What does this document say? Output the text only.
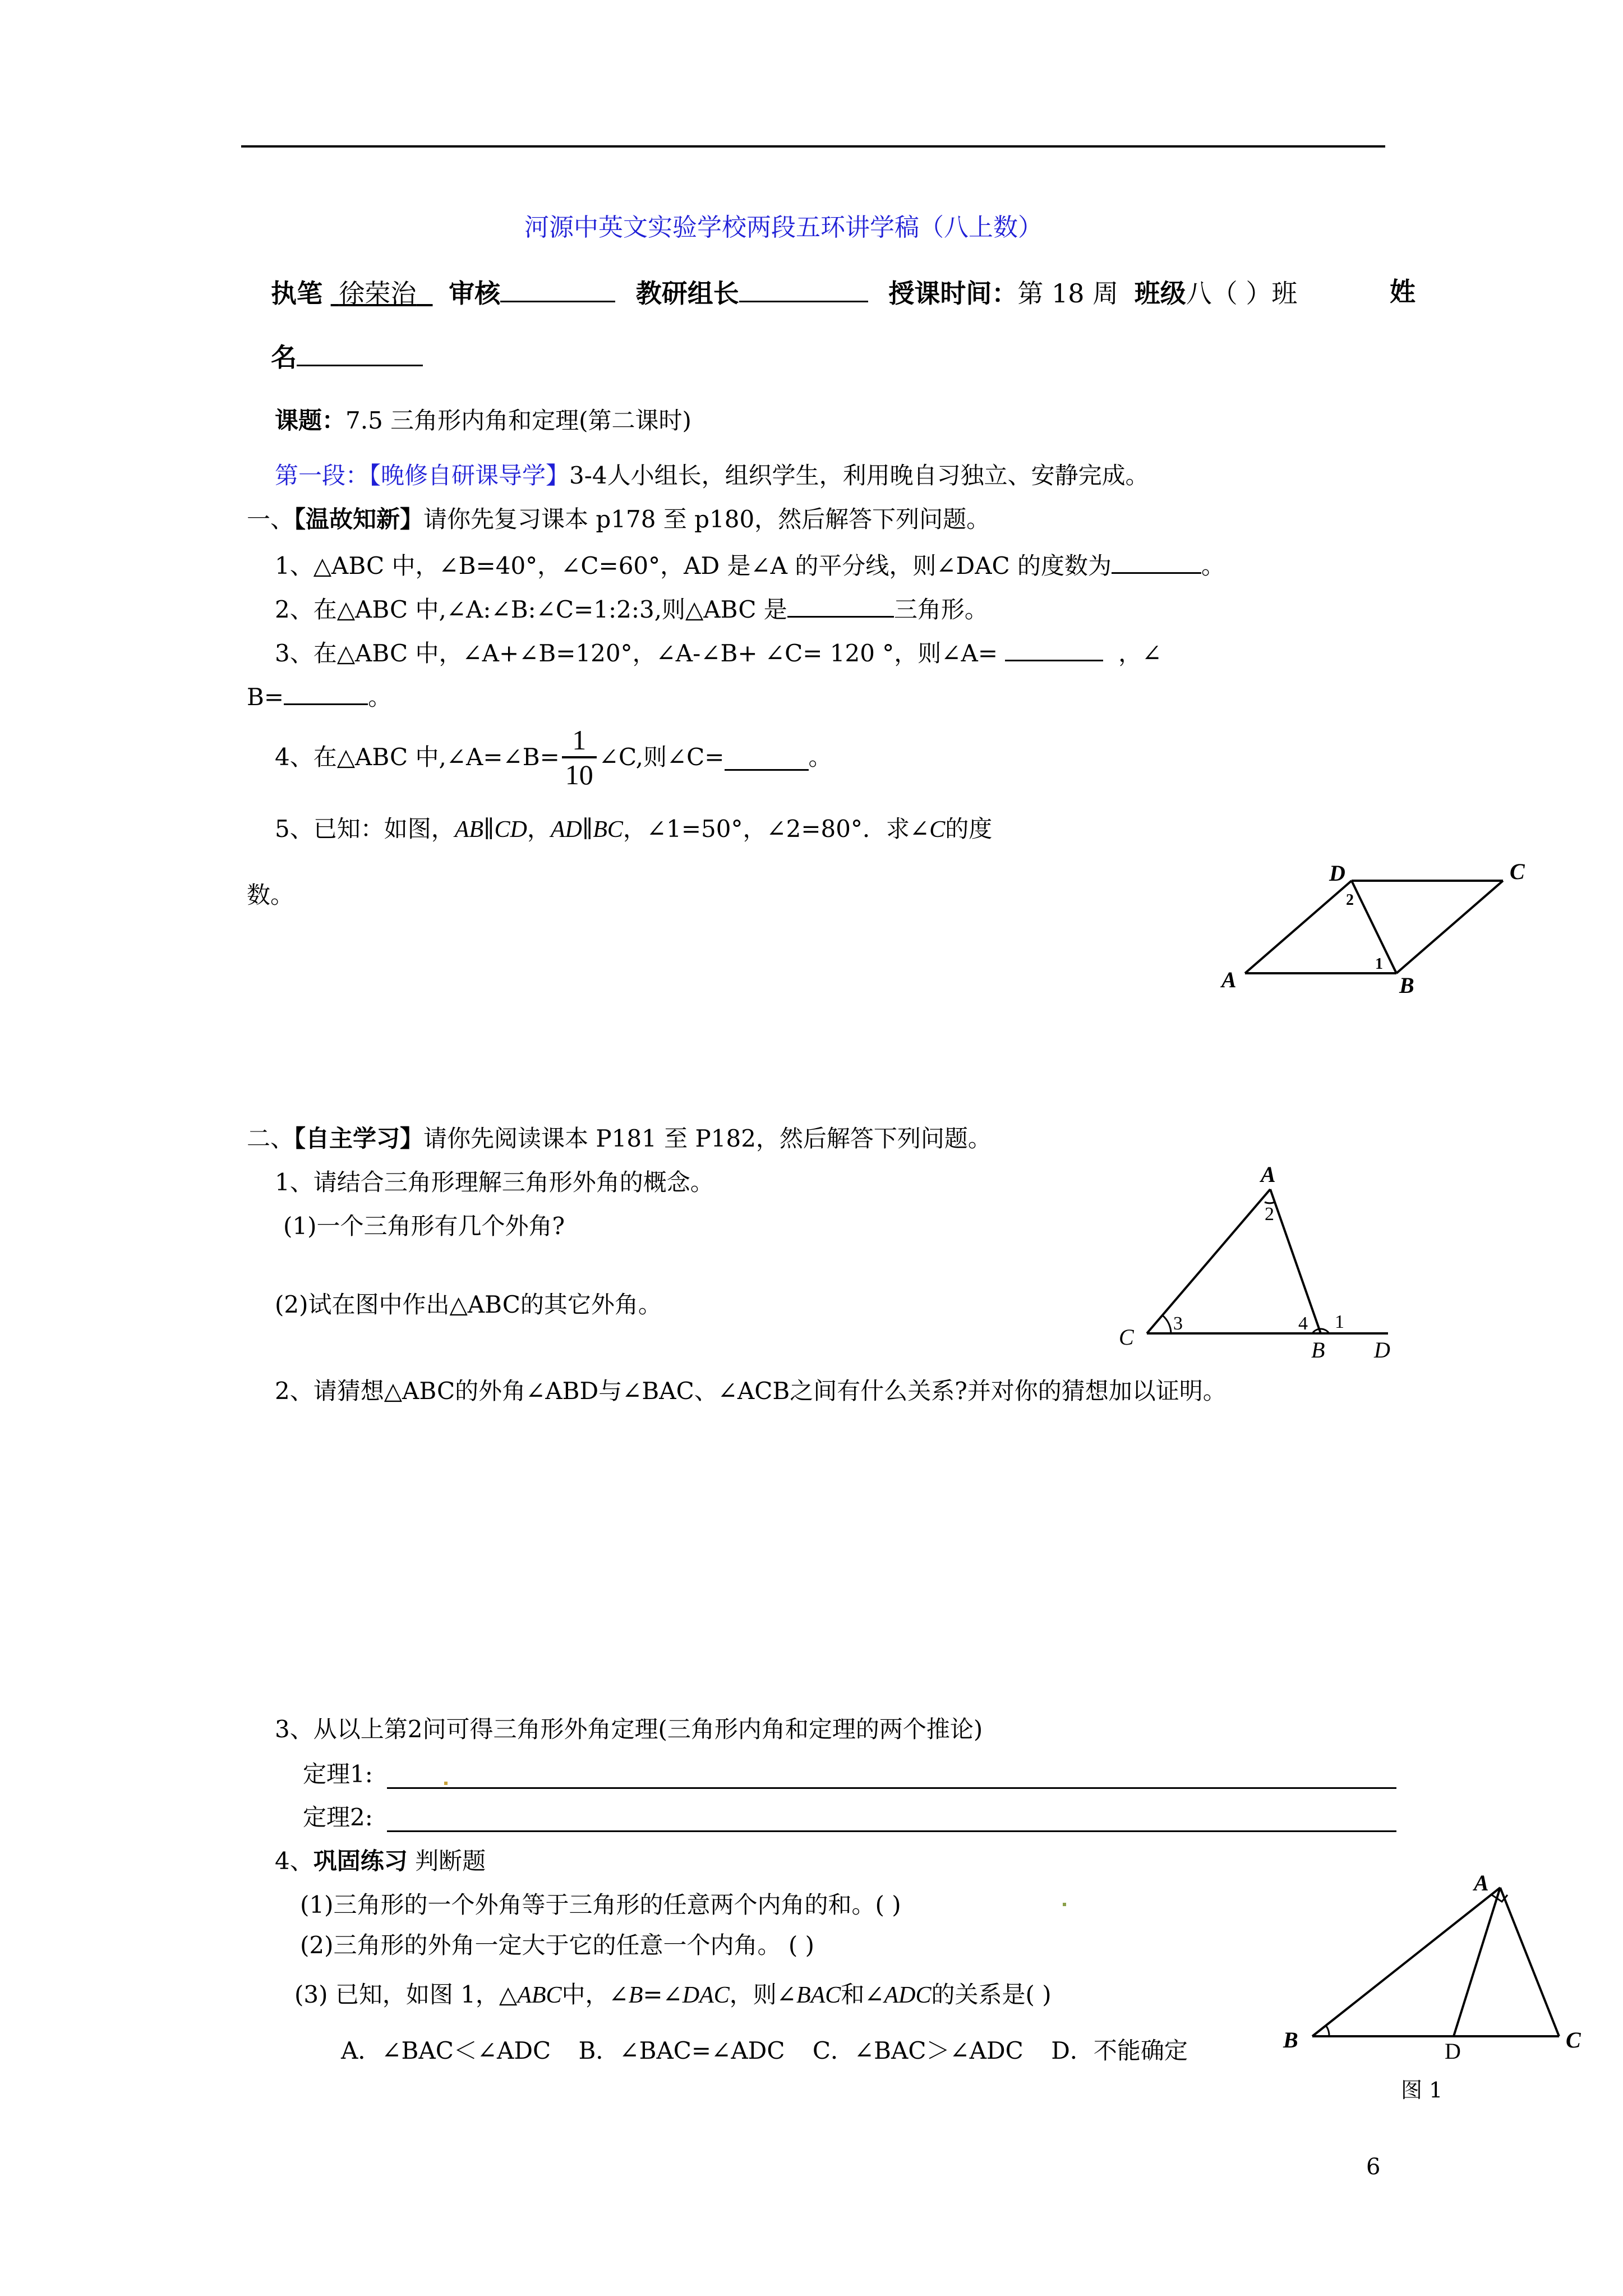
河源中英文实验学校两段五环讲学稿（八上数）
执笔 徐荣治 审核	教研组长	授课时间：第 18 周 班级八（ ）班	姓
名
课题：7.5 三角形内角和定理(第二课时)
第一段：【晚修自研课导学】3-4人小组长，组织学生，利用晚自习独立、安静完成。
一、【温故知新】请你先复习课本 p178 至 p180，然后解答下列问题。
1、△ABC 中，∠B=40°，∠C=60°，AD 是∠A 的平分线，则∠DAC 的度数为	。
2、在△ABC 中,∠A:∠B:∠C=1:2:3,则△ABC 是	三角形。
3、在△ABC 中，∠A+∠B=120°，∠A-∠B+ ∠C= 120 °，则∠A=	，∠
B=	。
4、在△ABC 中,∠A=∠B= $\frac{1}{10}$ ∠C,则∠C=	。
5、已知：如图，AB∥CD，AD∥BC，∠1=50°，∠2=80°．求∠C的度
数。
D	C
A	B
2
1
二、【自主学习】请你先阅读课本 P181 至 P182，然后解答下列问题。
1、请结合三角形理解三角形外角的概念。
(1)一个三角形有几个外角?
(2)试在图中作出△ABC的其它外角。
A
C
B D
2
3	4 1
2、请猜想△ABC的外角∠ABD与∠BAC、∠ACB之间有什么关系?并对你的猜想加以证明。
3、从以上第2问可得三角形外角定理(三角形内角和定理的两个推论)
定理1:
定理2:
4、巩固练习 判断题
(1)三角形的一个外角等于三角形的任意两个内角的和。( )
(2)三角形的外角一定大于它的任意一个内角。 ( )
(3) 已知，如图 1，△ABC中，∠B=∠DAC，则∠BAC和∠ADC的关系是( )
A．∠BAC＜∠ADC B．∠BAC=∠ADC C．∠BAC＞∠ADC D．不能确定
A
B	D	C
图 1
6
